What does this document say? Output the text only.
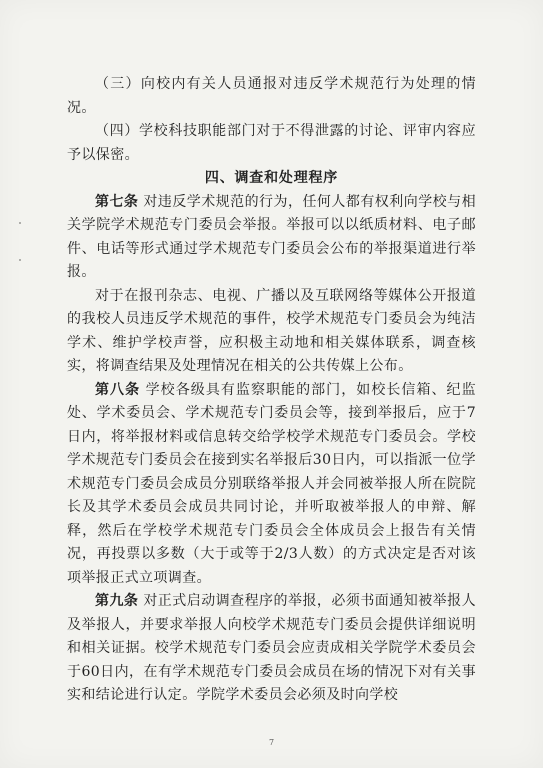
（三）向校内有关人员通报对违反学术规范行为处理的情况。

（四）学校科技职能部门对于不得泄露的讨论、评审内容应予以保密。

四、调查和处理程序

第七条 对违反学术规范的行为，任何人都有权利向学校与相关学院学术规范专门委员会举报。举报可以以纸质材料、电子邮件、电话等形式通过学术规范专门委员会公布的举报渠道进行举报。

对于在报刊杂志、电视、广播以及互联网络等媒体公开报道的我校人员违反学术规范的事件，校学术规范专门委员会为纯洁学术、维护学校声誉，应积极主动地和相关媒体联系，调查核实，将调查结果及处理情况在相关的公共传媒上公布。

第八条 学校各级具有监察职能的部门，如校长信箱、纪监处、学术委员会、学术规范专门委员会等，接到举报后，应于7日内，将举报材料或信息转交给学校学术规范专门委员会。学校学术规范专门委员会在接到实名举报后30日内，可以指派一位学术规范专门委员会成员分别联络举报人并会同被举报人所在院院长及其学术委员会成员共同讨论，并听取被举报人的申辩、解释，然后在学校学术规范专门委员会全体成员会上报告有关情况，再投票以多数（大于或等于2/3人数）的方式决定是否对该项举报正式立项调查。

第九条 对正式启动调查程序的举报，必须书面通知被举报人及举报人，并要求举报人向校学术规范专门委员会提供详细说明和相关证据。校学术规范专门委员会应责成相关学院学术委员会于60日内，在有学术规范专门委员会成员在场的情况下对有关事实和结论进行认定。学院学术委员会必须及时向学校

7
